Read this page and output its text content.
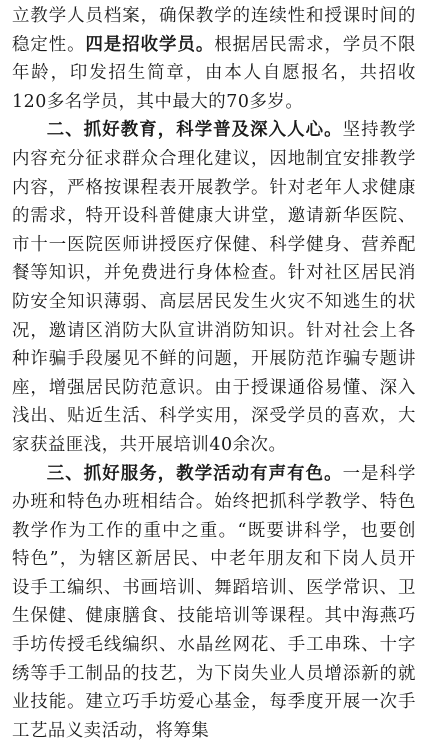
立教学人员档案，确保教学的连续性和授课时间的稳定性。四是招收学员。根据居民需求，学员不限年龄，印发招生简章，由本人自愿报名，共招收120多名学员，其中最大的70多岁。

二、抓好教育，科学普及深入人心。坚持教学内容充分征求群众合理化建议，因地制宜安排教学内容，严格按课程表开展教学。针对老年人求健康的需求，特开设科普健康大讲堂，邀请新华医院、市十一医院医师讲授医疗保健、科学健身、营养配餐等知识，并免费进行身体检查。针对社区居民消防安全知识薄弱、高层居民发生火灾不知逃生的状况，邀请区消防大队宣讲消防知识。针对社会上各种诈骗手段屡见不鲜的问题，开展防范诈骗专题讲座，增强居民防范意识。由于授课通俗易懂、深入浅出、贴近生活、科学实用，深受学员的喜欢，大家获益匪浅，共开展培训40余次。

三、抓好服务，教学活动有声有色。一是科学办班和特色办班相结合。始终把抓科学教学、特色教学作为工作的重中之重。“既要讲科学，也要创特色”，为辖区新居民、中老年朋友和下岗人员开设手工编织、书画培训、舞蹈培训、医学常识、卫生保健、健康膳食、技能培训等课程。其中海燕巧手坊传授毛线编织、水晶丝网花、手工串珠、十字绣等手工制品的技艺，为下岗失业人员增添新的就业技能。建立巧手坊爱心基金，每季度开展一次手工艺品义卖活动，将筹集
